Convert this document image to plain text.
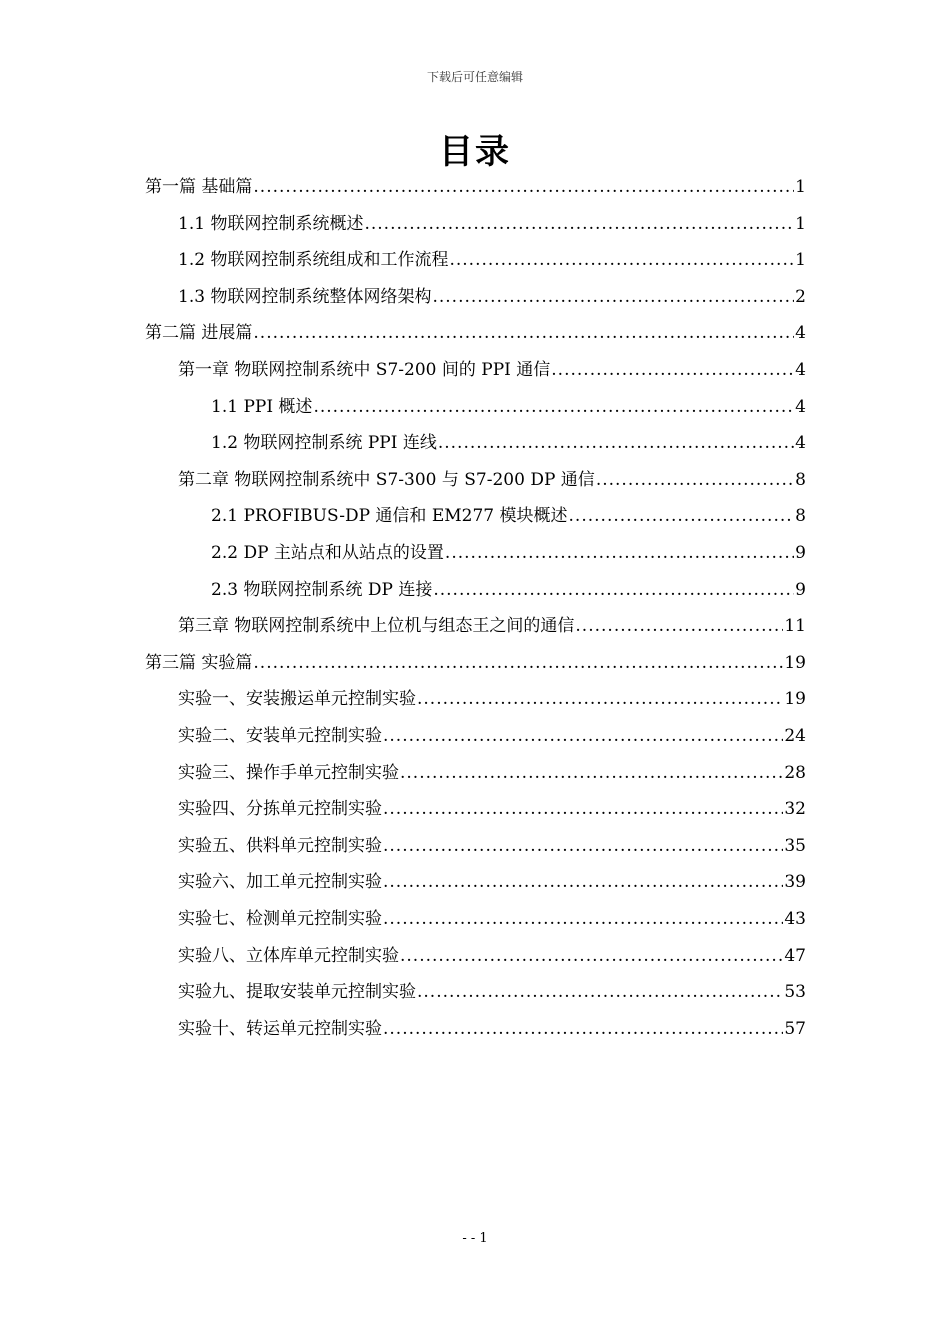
下载后可任意编辑
目录
第一篇 基础篇 .....	1
1.1 物联网控制系统概述 .....	1
1.2 物联网控制系统组成和工作流程 .....	1
1.3 物联网控制系统整体网络架构 .....	2
第二篇 进展篇 .....	4
第一章 物联网控制系统中 S7-200 间的 PPI 通信 .....	4
1.1 PPI 概述 .....	4
1.2 物联网控制系统 PPI 连线 .....	4
第二章 物联网控制系统中 S7-300 与 S7-200 DP 通信 .....	8
2.1 PROFIBUS-DP 通信和 EM277 模块概述 .....	8
2.2 DP 主站点和从站点的设置 .....	9
2.3 物联网控制系统 DP 连接 .....	9
第三章 物联网控制系统中上位机与组态王之间的通信 .....	11
第三篇 实验篇 .....	19
实验一、安装搬运单元控制实验 .....	19
实验二、安装单元控制实验 .....	24
实验三、操作手单元控制实验 .....	28
实验四、分拣单元控制实验 .....	32
实验五、供料单元控制实验 .....	35
实验六、加工单元控制实验 .....	39
实验七、检测单元控制实验 .....	43
实验八、立体库单元控制实验 .....	47
实验九、提取安装单元控制实验 .....	53
实验十、转运单元控制实验 .....	57
- - 1
